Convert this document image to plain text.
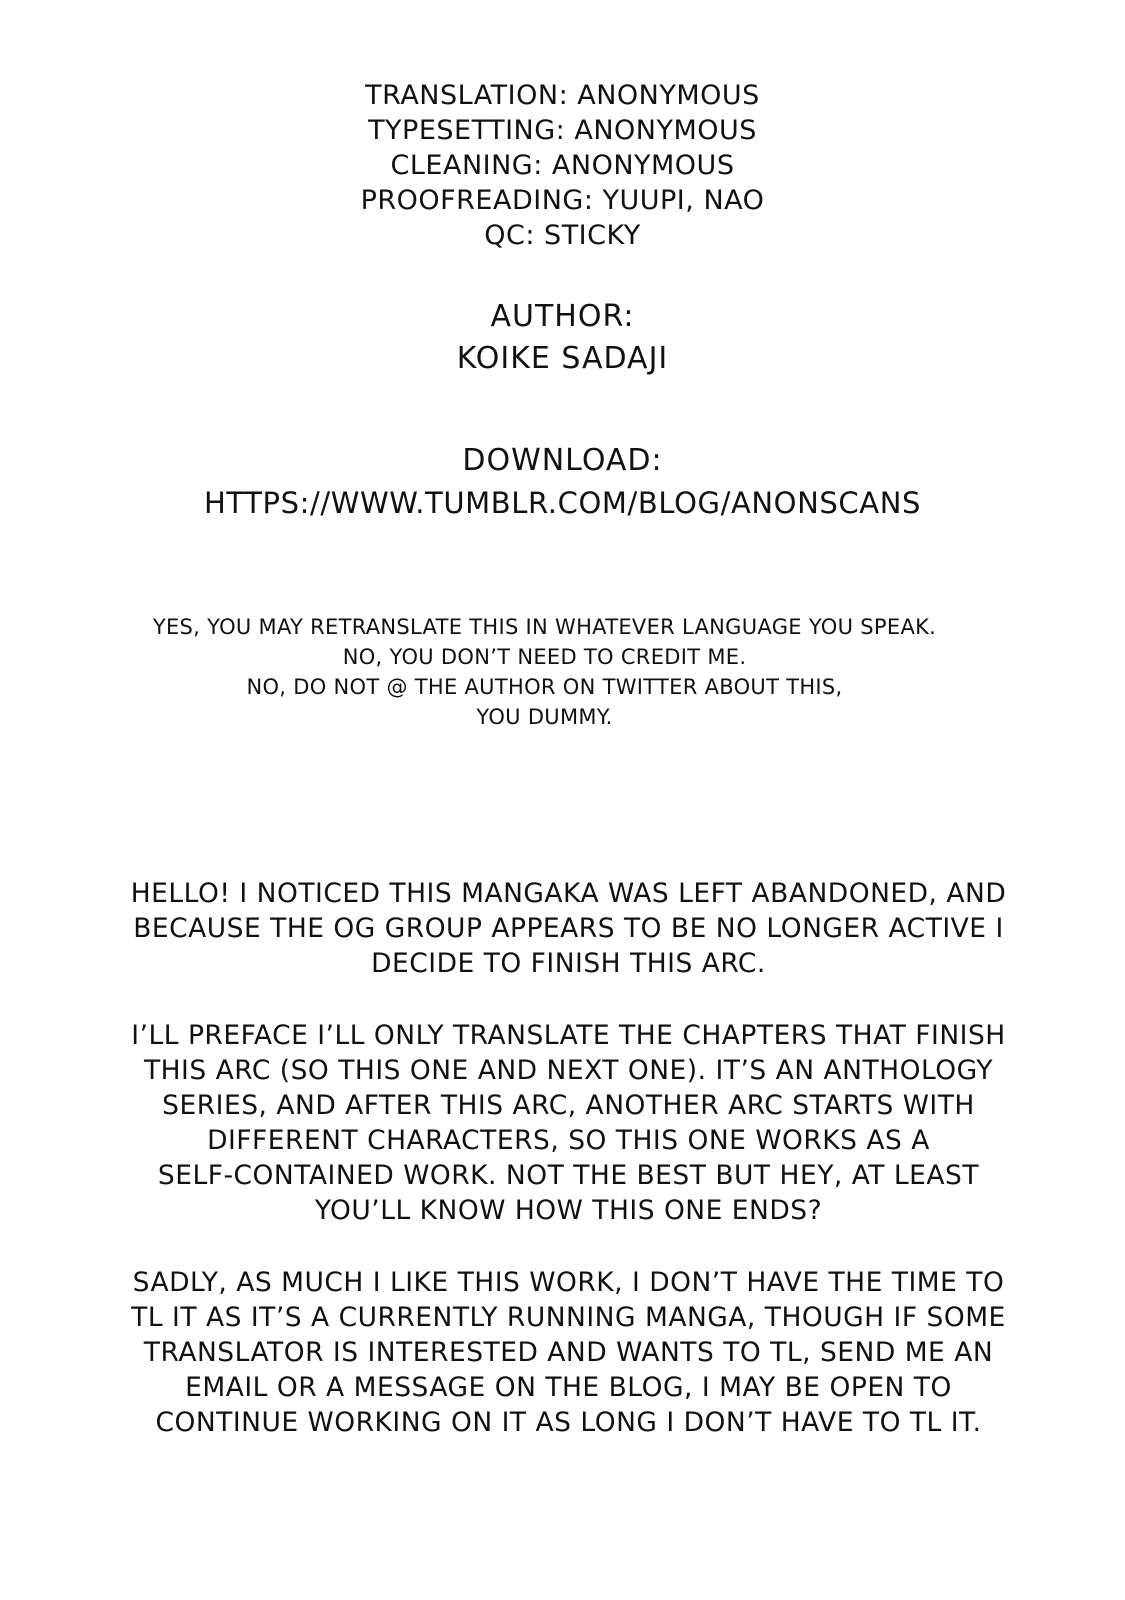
TRANSLATION: ANONYMOUS
TYPESETTING: ANONYMOUS
CLEANING: ANONYMOUS
PROOFREADING: YUUPI, NAO
QC: STICKY
AUTHOR:
KOIKE SADAJI
DOWNLOAD:
HTTPS://WWW.TUMBLR.COM/BLOG/ANONSCANS
YES, YOU MAY RETRANSLATE THIS IN WHATEVER LANGUAGE YOU SPEAK.
NO, YOU DON’T NEED TO CREDIT ME.
NO, DO NOT @ THE AUTHOR ON TWITTER ABOUT THIS,
YOU DUMMY.
HELLO! I NOTICED THIS MANGAKA WAS LEFT ABANDONED, AND
BECAUSE THE OG GROUP APPEARS TO BE NO LONGER ACTIVE I
DECIDE TO FINISH THIS ARC.
I’LL PREFACE I’LL ONLY TRANSLATE THE CHAPTERS THAT FINISH
THIS ARC (SO THIS ONE AND NEXT ONE). IT’S AN ANTHOLOGY
SERIES, AND AFTER THIS ARC, ANOTHER ARC STARTS WITH
DIFFERENT CHARACTERS, SO THIS ONE WORKS AS A
SELF-CONTAINED WORK. NOT THE BEST BUT HEY, AT LEAST
YOU’LL KNOW HOW THIS ONE ENDS?
SADLY, AS MUCH I LIKE THIS WORK, I DON’T HAVE THE TIME TO
TL IT AS IT’S A CURRENTLY RUNNING MANGA, THOUGH IF SOME
TRANSLATOR IS INTERESTED AND WANTS TO TL, SEND ME AN
EMAIL OR A MESSAGE ON THE BLOG, I MAY BE OPEN TO
CONTINUE WORKING ON IT AS LONG I DON’T HAVE TO TL IT.
